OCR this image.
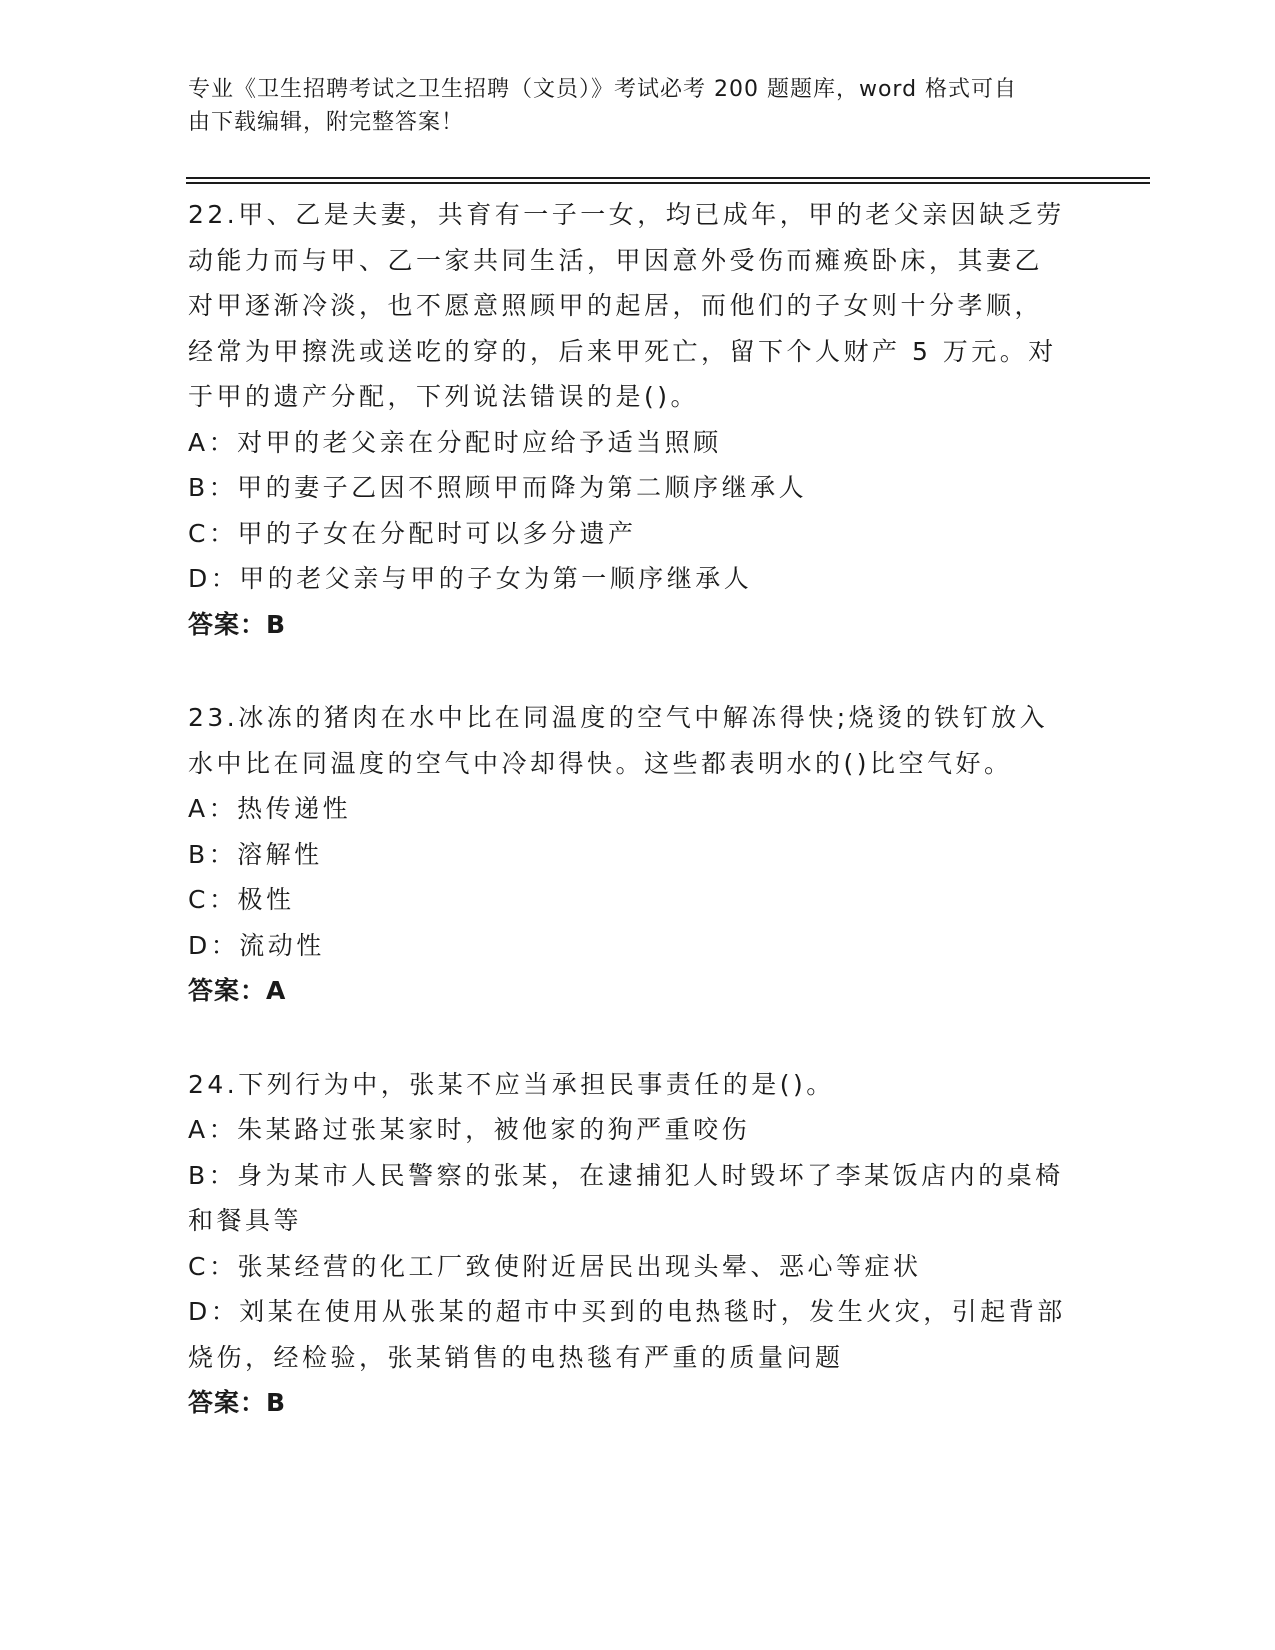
专业《卫生招聘考试之卫生招聘（文员）》考试必考 200 题题库，word 格式可自
由下载编辑，附完整答案！
22.甲、乙是夫妻，共育有一子一女，均已成年，甲的老父亲因缺乏劳
动能力而与甲、乙一家共同生活，甲因意外受伤而瘫痪卧床，其妻乙
对甲逐渐冷淡，也不愿意照顾甲的起居，而他们的子女则十分孝顺，
经常为甲擦洗或送吃的穿的，后来甲死亡，留下个人财产 5 万元。对
于甲的遗产分配，下列说法错误的是()。
A：对甲的老父亲在分配时应给予适当照顾
B：甲的妻子乙因不照顾甲而降为第二顺序继承人
C：甲的子女在分配时可以多分遗产
D：甲的老父亲与甲的子女为第一顺序继承人
答案：B
23.冰冻的猪肉在水中比在同温度的空气中解冻得快;烧烫的铁钉放入
水中比在同温度的空气中冷却得快。这些都表明水的()比空气好。
A：热传递性
B：溶解性
C：极性
D：流动性
答案：A
24.下列行为中，张某不应当承担民事责任的是()。
A：朱某路过张某家时，被他家的狗严重咬伤
B：身为某市人民警察的张某，在逮捕犯人时毁坏了李某饭店内的桌椅
和餐具等
C：张某经营的化工厂致使附近居民出现头晕、恶心等症状
D：刘某在使用从张某的超市中买到的电热毯时，发生火灾，引起背部
烧伤，经检验，张某销售的电热毯有严重的质量问题
答案：B
